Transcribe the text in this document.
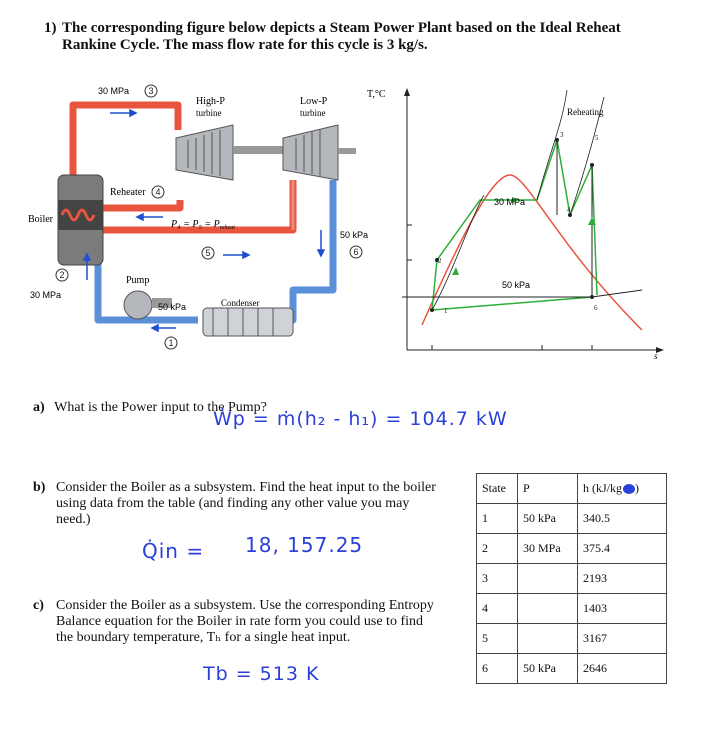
1) The corresponding figure below depicts a Steam Power Plant based on the Ideal Reheat
Rankine Cycle. The mass flow rate for this cycle is 3 kg/s.
3
4
5	6
2
1
30 MPa
High-P
turbine
Low-P
turbine
Reheater
Boiler	$P_4 = P_5 = P_{reheat}$
50 kPa
Pump
30 MPa
50 kPa	Condenser
T,°C
s
Reheating
30 MPa
50 kPa
1
2
3
4
5
6
a) What is the Power input to the Pump?
Ẇp = ṁ(h₂ - h₁) = 104.7 kW
b) Consider the Boiler as a subsystem. Find the heat input to the boiler
using data from the table (and finding any other value you may
need.)
Q̇in = 18, 157.25
c) Consider the Boiler as a subsystem. Use the corresponding Entropy
Balance equation for the Boiler in rate form you could use to find
the boundary temperature, Tₕ for a single heat input.
Tb = 513 K
State	P	h (kJ/kg )
1	50 kPa	340.5
2	30 MPa	375.4
3		2193
4		1403
5		3167
6	50 kPa	2646
